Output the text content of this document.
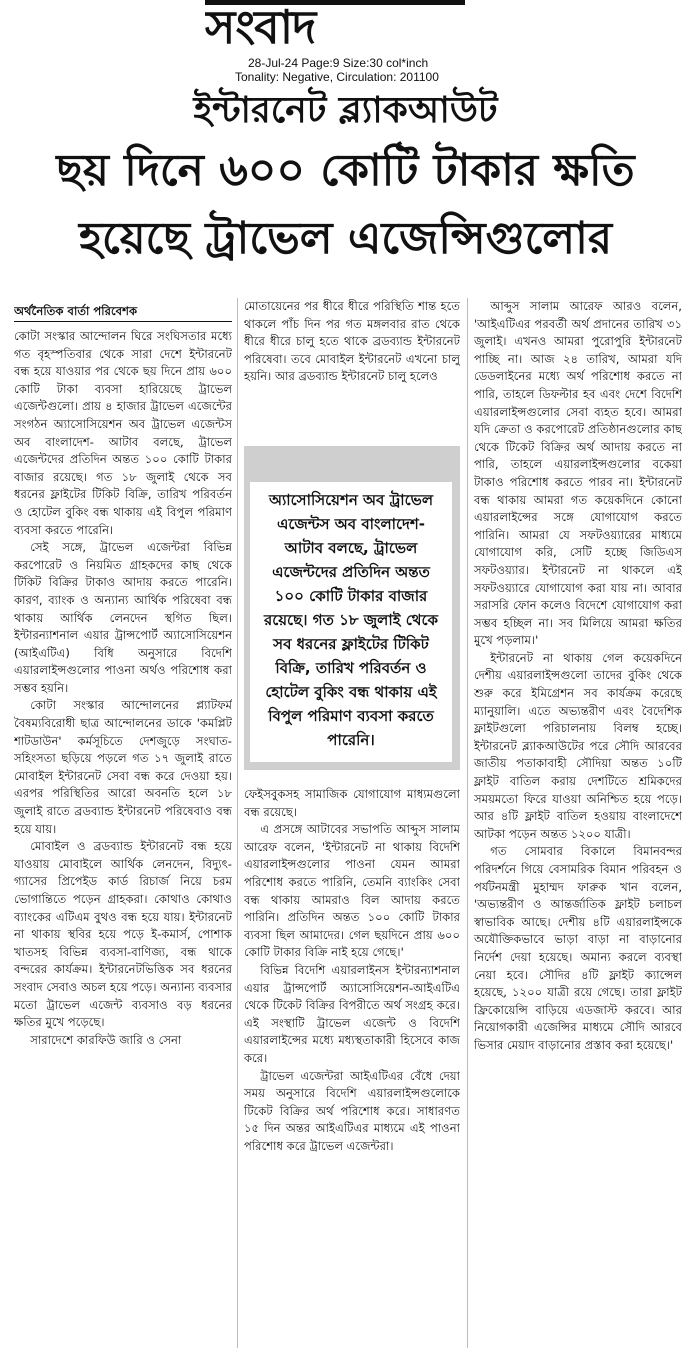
সংবাদ
28-Jul-24 Page:9 Size:30 col*inch
Tonality: Negative, Circulation: 201100
ইন্টারনেট ব্ল্যাকআউট
ছয় দিনে ৬০০ কোটি টাকার ক্ষতি
হয়েছে ট্রাভেল এজেন্সিগুলোর
অর্থনৈতিক বার্তা পরিবেশক

কোটা সংস্কার আন্দোলন ঘিরে সংঘিসতার মধ্যে গত বৃহস্পতিবার থেকে সারা দেশে ইন্টারনেট বন্ধ হয়ে যাওয়ার পর থেকে ছয় দিনে প্রায় ৬০০ কোটি টাকা ব্যবসা হারিয়েছে ট্রাভেল এজেন্টগুলো। প্রায় ৪ হাজার ট্রাভেল এজেন্টের সংগঠন অ্যাসোসিয়েশন অব ট্রাভেল এজেন্টস অব বাংলাদেশ- আটাব বলছে, ট্রাভেল এজেন্টদের প্রতিদিন অন্তত ১০০ কোটি টাকার বাজার রয়েছে। গত ১৮ জুলাই থেকে সব ধরনের ফ্লাইটের টিকিট বিক্রি, তারিখ পরিবর্তন ও হোটেল বুকিং বন্ধ থাকায় এই বিপুল পরিমাণ ব্যবসা করতে পারেনি।

সেই সঙ্গে, ট্রাভেল এজেন্টরা বিভিন্ন করপোরেট ও নিয়মিত গ্রাহকদের কাছ থেকে টিকিট বিক্রির টাকাও আদায় করতে পারেনি। কারণ, ব্যাংক ও অন্যান্য আর্থিক পরিষেবা বন্ধ থাকায় আর্থিক লেনদেন স্থগিত ছিল। ইন্টারন্যাশনাল এয়ার ট্রান্সপোর্ট অ্যাসোসিয়েশন (আইএটিএ) বিধি অনুসারে বিদেশি এয়ারলাইন্সগুলোর পাওনা অর্থও পরিশোধ করা সম্ভব হয়নি।

কোটা সংস্কার আন্দোলনের প্ল্যাটফর্ম বৈষম্যবিরোধী ছাত্র আন্দোলনের ডাকে 'কমপ্লিট শাটডাউন' কর্মসূচিতে দেশজুড়ে সংঘাত-সহিংসতা ছড়িয়ে পড়লে গত ১৭ জুলাই রাতে মোবাইল ইন্টারনেট সেবা বন্ধ করে দেওয়া হয়। এরপর পরিস্থিতির আরো অবনতি হলে ১৮ জুলাই রাতে ব্রডব্যান্ড ইন্টারনেট পরিষেবাও বন্ধ হয়ে যায়।

মোবাইল ও ব্রডব্যান্ড ইন্টারনেট বন্ধ হয়ে যাওয়ায় মোবাইলে আর্থিক লেনদেন, বিদ্যুৎ-গ্যাসের প্রিপেইড কার্ড রিচার্জ নিয়ে চরম ভোগান্তিতে পড়েন গ্রাহকরা। কোথাও কোথাও ব্যাংকের এটিএম বুথও বন্ধ হয়ে যায়। ইন্টারনেট না থাকায় স্থবির হয়ে পড়ে ই-কমার্স, পোশাক খাতসহ বিভিন্ন ব্যবসা-বাণিজ্য, বন্ধ থাকে বন্দরের কার্যক্রম। ইন্টারনেটভিত্তিক সব ধরনের সংবাদ সেবাও অচল হয়ে পড়ে। অন্যান্য ব্যবসার মতো ট্রাভেল এজেন্ট ব্যবসাও বড় ধরনের ক্ষতির মুখে পড়েছে।

সারাদেশে কারফিউ জারি ও সেনা

মোতায়েনের পর ধীরে ধীরে পরিস্থিতি শান্ত হতে থাকলে পাঁচ দিন পর গত মঙ্গলবার রাত থেকে ধীরে ধীরে চালু হতে থাকে ব্রডব্যান্ড ইন্টারনেট পরিষেবা। তবে মোবাইল ইন্টারনেট এখনো চালু হয়নি। আর ব্রডব্যান্ড ইন্টারনেট চালু হলেও

অ্যাসোসিয়েশন অব ট্রাভেল এজেন্টস অব বাংলাদেশ- আটাব বলছে, ট্রাভেল এজেন্টদের প্রতিদিন অন্তত ১০০ কোটি টাকার বাজার রয়েছে। গত ১৮ জুলাই থেকে সব ধরনের ফ্লাইটের টিকিট বিক্রি, তারিখ পরিবর্তন ও হোটেল বুকিং বন্ধ থাকায় এই বিপুল পরিমাণ ব্যবসা করতে পারেনি।

ফেইসবুকসহ সামাজিক যোগাযোগ মাধ্যমগুলো বন্ধ রয়েছে।

এ প্রসঙ্গে আটাবের সভাপতি আব্দুস সালাম আরেফ বলেন, 'ইন্টারনেট না থাকায় বিদেশি এয়ারলাইন্সগুলোর পাওনা যেমন আমরা পরিশোধ করতে পারিনি, তেমনি ব্যাংকিং সেবা বন্ধ থাকায় আমরাও বিল আদায় করতে পারিনি। প্রতিদিন অন্তত ১০০ কোটি টাকার ব্যবসা ছিল আমাদের। গেল ছয়দিনে প্রায় ৬০০ কোটি টাকার বিক্রি নাই হয়ে গেছে।'

বিভিন্ন বিদেশি এয়ারলাইনস ইন্টারন্যাশনাল এয়ার ট্রান্সপোর্ট অ্যাসোসিয়েশন-আইএটিএ থেকে টিকেট বিক্রির বিপরীতে অর্থ সংগ্রহ করে। এই সংস্থাটি ট্রাভেল এজেন্ট ও বিদেশি এয়ারলাইন্সের মধ্যে মধ্যস্থতাকারী হিসেবে কাজ করে।

ট্রাভেল এজেন্টরা আইএটিএর বেঁধে দেয়া সময় অনুসারে বিদেশি এয়ারলাইন্সগুলোকে টিকেট বিক্রির অর্থ পরিশোধ করে। সাধারণত ১৫ দিন অন্তর আইএটিএর মাধ্যমে এই পাওনা পরিশোধ করে ট্রাভেল এজেন্টরা।

আব্দুস সালাম আরেফ আরও বলেন, 'আইএটিএর পরবর্তী অর্থ প্রদানের তারিখ ৩১ জুলাই। এখনও আমরা পুরোপুরি ইন্টারনেট পাচ্ছি না। আজ ২৪ তারিখ, আমরা যদি ডেডলাইনের মধ্যে অর্থ পরিশোধ করতে না পারি, তাহলে ডিফল্টার হব এবং দেশে বিদেশি এয়ারলাইন্সগুলোর সেবা ব্যহত হবে। আমরা যদি ক্রেতা ও করপোরেট প্রতিষ্ঠানগুলোর কাছ থেকে টিকেট বিক্রির অর্থ আদায় করতে না পারি, তাহলে এয়ারলাইন্সগুলোর বকেয়া টাকাও পরিশোধ করতে পারব না। ইন্টারনেট বন্ধ থাকায় আমরা গত কয়েকদিনে কোনো এয়ারলাইন্সের সঙ্গে যোগাযোগ করতে পারিনি। আমরা যে সফটওয়্যারের মাধ্যমে যোগাযোগ করি, সেটি হচ্ছে জিডিএস সফটওয়্যার। ইন্টারনেট না থাকলে এই সফটওয়্যারে যোগাযোগ করা যায় না। আবার সরাসরি ফোন কলেও বিদেশে যোগাযোগ করা সম্ভব হচ্ছিল না। সব মিলিয়ে আমরা ক্ষতির মুখে পড়লাম।'

ইন্টারনেট না থাকায় গেল কয়েকদিনে দেশীয় এয়ারলাইন্সগুলো তাদের বুকিং থেকে শুরু করে ইমিগ্রেশন সব কার্যক্রম করেছে ম্যানুয়ালি। এতে অভ্যন্তরীণ এবং বৈদেশিক ফ্লাইটগুলো পরিচালনায় বিলম্ব হচ্ছে। ইন্টারনেট ব্ল্যাকআউটের পরে সৌদি আরবের জাতীয় পতাকাবাহী সৌদিয়া অন্তত ১০টি ফ্লাইট বাতিল করায় দেশটিতে শ্রমিকদের সময়মতো ফিরে যাওয়া অনিশ্চিত হয়ে পড়ে। আর ৪টি ফ্লাইট বাতিল হওয়ায় বাংলাদেশে আটকা পড়েন অন্তত ১২০০ যাত্রী।

গত সোমবার বিকালে বিমানবন্দর পরিদর্শনে গিয়ে বেসামরিক বিমান পরিবহন ও পর্যটনমন্ত্রী মুহাম্মদ ফারুক খান বলেন, 'অভ্যন্তরীণ ও আন্তর্জাতিক ফ্লাইট চলাচল স্বাভাবিক আছে। দেশীয় ৪টি এয়ারলাইন্সকে অযৌক্তিকভাবে ভাড়া বাড়া না বাড়ানোর নির্দেশ দেয়া হয়েছে। অমান্য করলে ব্যবস্থা নেয়া হবে। সৌদির ৪টি ফ্লাইট ক্যান্সেল হয়েছে, ১২০০ যাত্রী রয়ে গেছে। তারা ফ্লাইট ফ্রিকোয়েন্সি বাড়িয়ে এডজাস্ট করবে। আর নিয়োগকারী এজেন্সির মাধ্যমে সৌদি আরবে ভিসার মেয়াদ বাড়ানোর প্রস্তাব করা হয়েছে।'
